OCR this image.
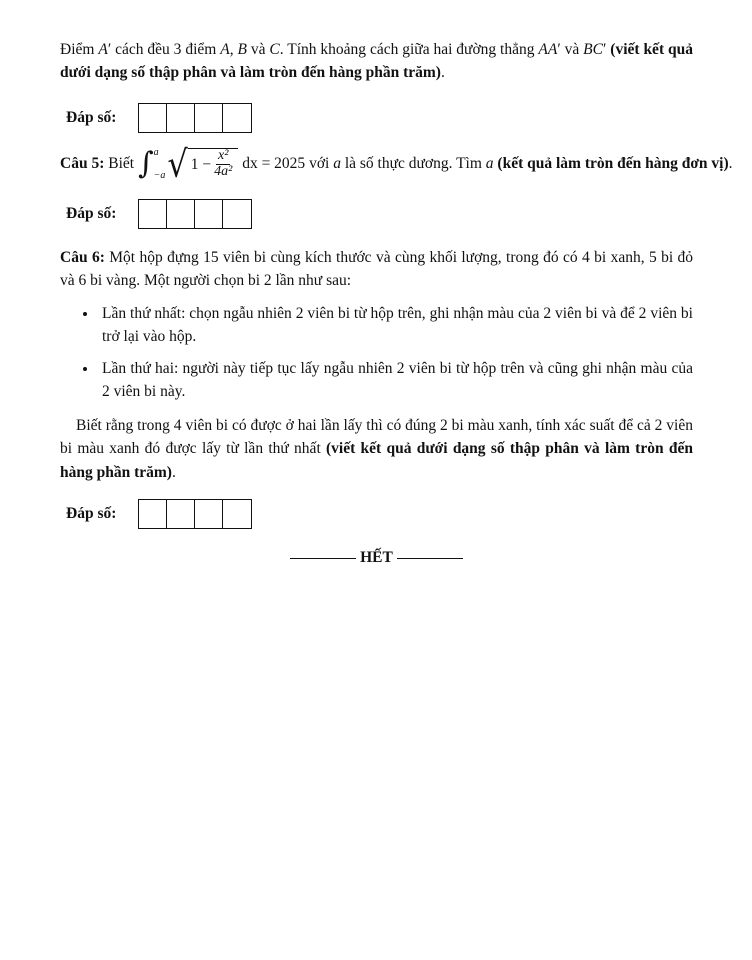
Điểm A′ cách đều 3 điểm A, B và C. Tính khoảng cách giữa hai đường thẳng AA′ và BC′ (viết kết quả dưới dạng số thập phân và làm tròn đến hàng phần trăm).

Đáp số:

Câu 5: Biết ∫ a
−a √ $1 - \frac{\text{x²}}{\text{4a²}}$ dx = 2025 với a là số thực dương. Tìm a
(kết quả làm tròn đến hàng đơn vị) .

Đáp số:

Câu 6: Một hộp đựng 15 viên bi cùng kích thước và cùng khối lượng, trong đó có 4 bi xanh, 5 bi đỏ và 6 bi vàng. Một người chọn bi 2 lần như sau:

• Lần thứ nhất: chọn ngẫu nhiên 2 viên bi từ hộp trên, ghi nhận màu của 2 viên bi và để 2 viên bi trở lại vào hộp.
• Lần thứ hai: người này tiếp tục lấy ngẫu nhiên 2 viên bi từ hộp trên và cũng ghi nhận màu của 2 viên bi này.

Biết rằng trong 4 viên bi có được ở hai lần lấy thì có đúng 2 bi màu xanh, tính xác suất để cả 2 viên bi màu xanh đó được lấy từ lần thứ nhất (viết kết quả dưới dạng số thập phân và làm tròn đến hàng phần trăm).

Đáp số:
HẾT
